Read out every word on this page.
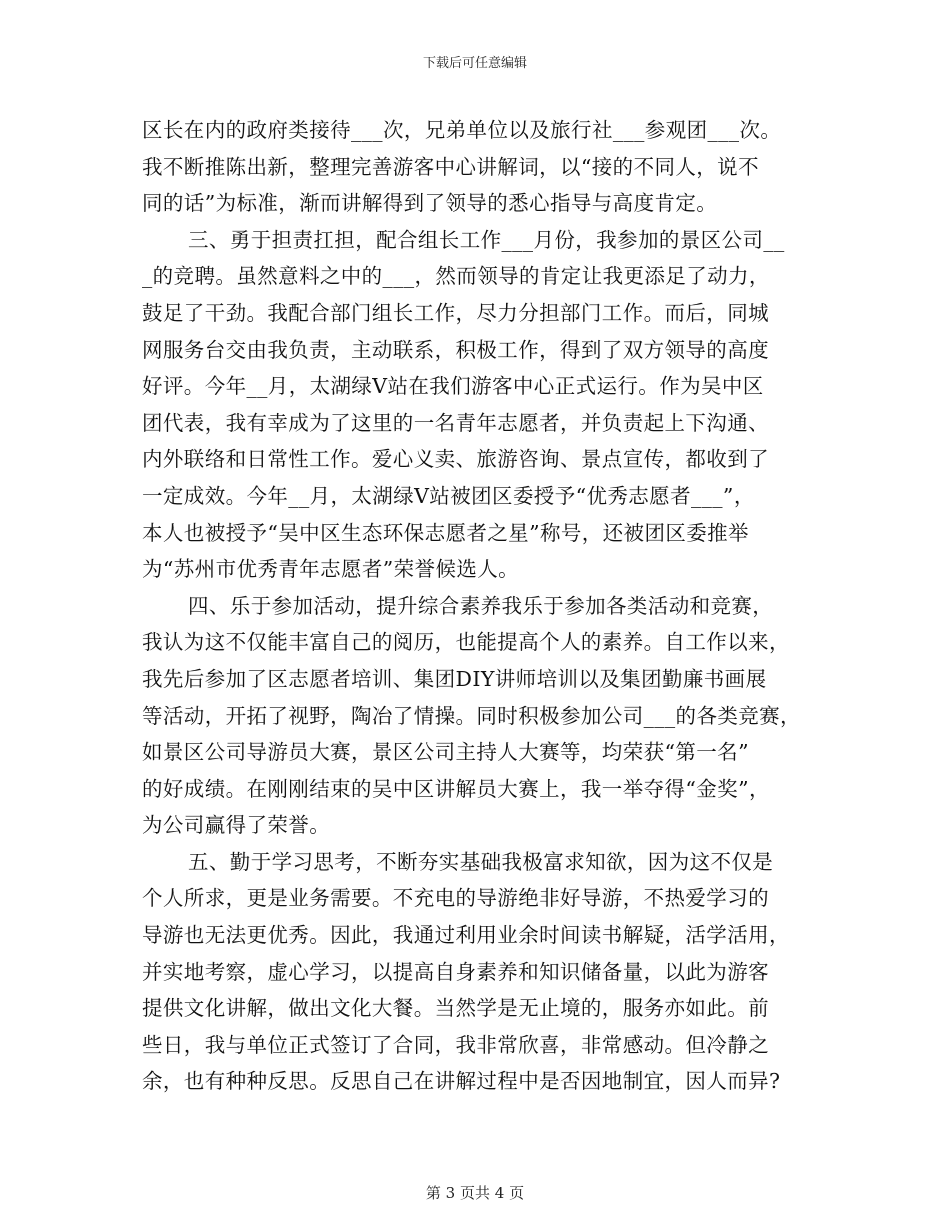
下载后可任意编辑
区长在内的政府类接待___次，兄弟单位以及旅行社___参观团___次。
我不断推陈出新，整理完善游客中心讲解词，以“接的不同人，说不
同的话”为标准，渐而讲解得到了领导的悉心指导与高度肯定。
三、勇于担责扛担，配合组长工作___月份，我参加的景区公司__
_的竞聘。虽然意料之中的___，然而领导的肯定让我更添足了动力，
鼓足了干劲。我配合部门组长工作，尽力分担部门工作。而后，同城
网服务台交由我负责，主动联系，积极工作，得到了双方领导的高度
好评。今年__月，太湖绿Ⅴ站在我们游客中心正式运行。作为吴中区
团代表，我有幸成为了这里的一名青年志愿者，并负责起上下沟通、
内外联络和日常性工作。爱心义卖、旅游咨询、景点宣传，都收到了
一定成效。今年__月，太湖绿Ⅴ站被团区委授予“优秀志愿者___”，
本人也被授予“吴中区生态环保志愿者之星”称号，还被团区委推举
为“苏州市优秀青年志愿者”荣誉候选人。
四、乐于参加活动，提升综合素养我乐于参加各类活动和竞赛，
我认为这不仅能丰富自己的阅历，也能提高个人的素养。自工作以来，
我先后参加了区志愿者培训、集团DIY讲师培训以及集团勤廉书画展
等活动，开拓了视野，陶冶了情操。同时积极参加公司___的各类竞赛，
如景区公司导游员大赛，景区公司主持人大赛等，均荣获“第一名”
的好成绩。在刚刚结束的吴中区讲解员大赛上，我一举夺得“金奖”，
为公司赢得了荣誉。
五、勤于学习思考，不断夯实基础我极富求知欲，因为这不仅是
个人所求，更是业务需要。不充电的导游绝非好导游，不热爱学习的
导游也无法更优秀。因此，我通过利用业余时间读书解疑，活学活用，
并实地考察，虚心学习，以提高自身素养和知识储备量，以此为游客
提供文化讲解，做出文化大餐。当然学是无止境的，服务亦如此。前
些日，我与单位正式签订了合同，我非常欣喜，非常感动。但冷静之
余，也有种种反思。反思自己在讲解过程中是否因地制宜，因人而异?
第 3 页共 4 页
